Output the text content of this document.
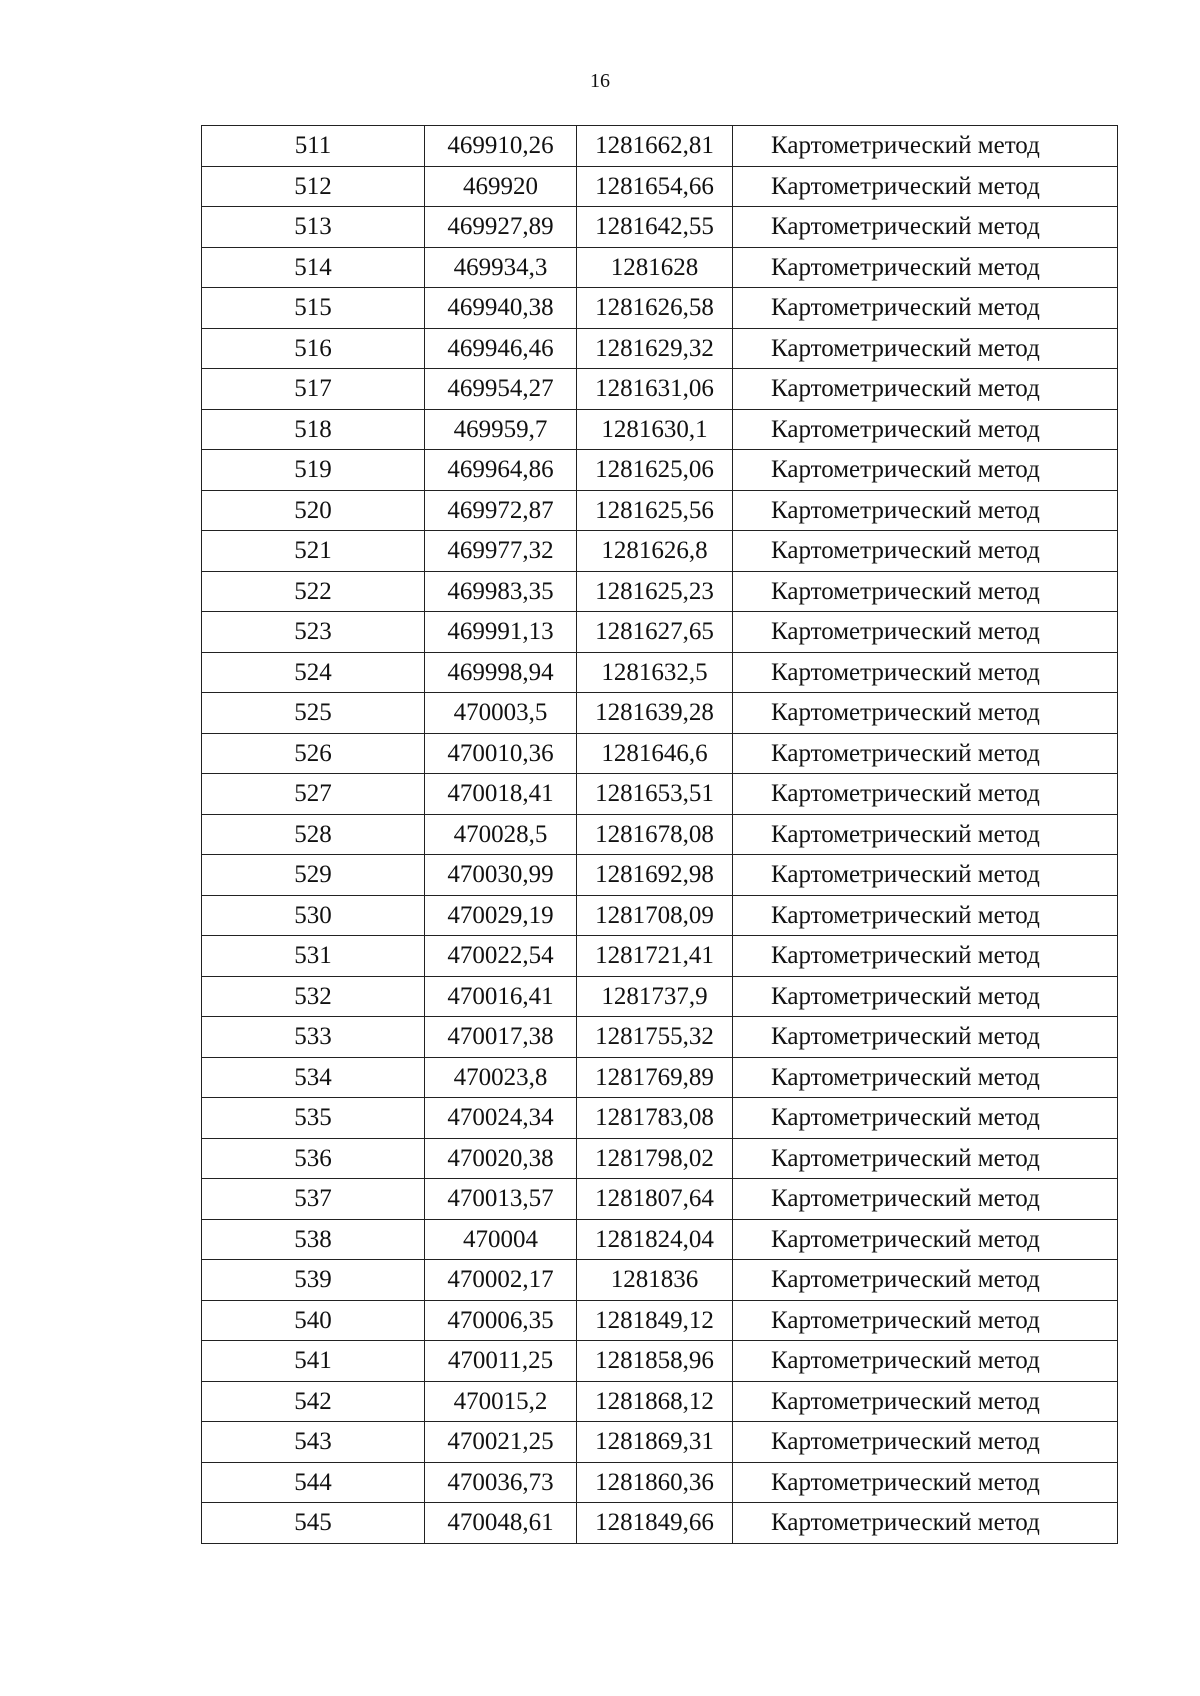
16
511	469910,26	1281662,81	Картометрический метод
512	469920	1281654,66	Картометрический метод
513	469927,89	1281642,55	Картометрический метод
514	469934,3	1281628	Картометрический метод
515	469940,38	1281626,58	Картометрический метод
516	469946,46	1281629,32	Картометрический метод
517	469954,27	1281631,06	Картометрический метод
518	469959,7	1281630,1	Картометрический метод
519	469964,86	1281625,06	Картометрический метод
520	469972,87	1281625,56	Картометрический метод
521	469977,32	1281626,8	Картометрический метод
522	469983,35	1281625,23	Картометрический метод
523	469991,13	1281627,65	Картометрический метод
524	469998,94	1281632,5	Картометрический метод
525	470003,5	1281639,28	Картометрический метод
526	470010,36	1281646,6	Картометрический метод
527	470018,41	1281653,51	Картометрический метод
528	470028,5	1281678,08	Картометрический метод
529	470030,99	1281692,98	Картометрический метод
530	470029,19	1281708,09	Картометрический метод
531	470022,54	1281721,41	Картометрический метод
532	470016,41	1281737,9	Картометрический метод
533	470017,38	1281755,32	Картометрический метод
534	470023,8	1281769,89	Картометрический метод
535	470024,34	1281783,08	Картометрический метод
536	470020,38	1281798,02	Картометрический метод
537	470013,57	1281807,64	Картометрический метод
538	470004	1281824,04	Картометрический метод
539	470002,17	1281836	Картометрический метод
540	470006,35	1281849,12	Картометрический метод
541	470011,25	1281858,96	Картометрический метод
542	470015,2	1281868,12	Картометрический метод
543	470021,25	1281869,31	Картометрический метод
544	470036,73	1281860,36	Картометрический метод
545	470048,61	1281849,66	Картометрический метод
